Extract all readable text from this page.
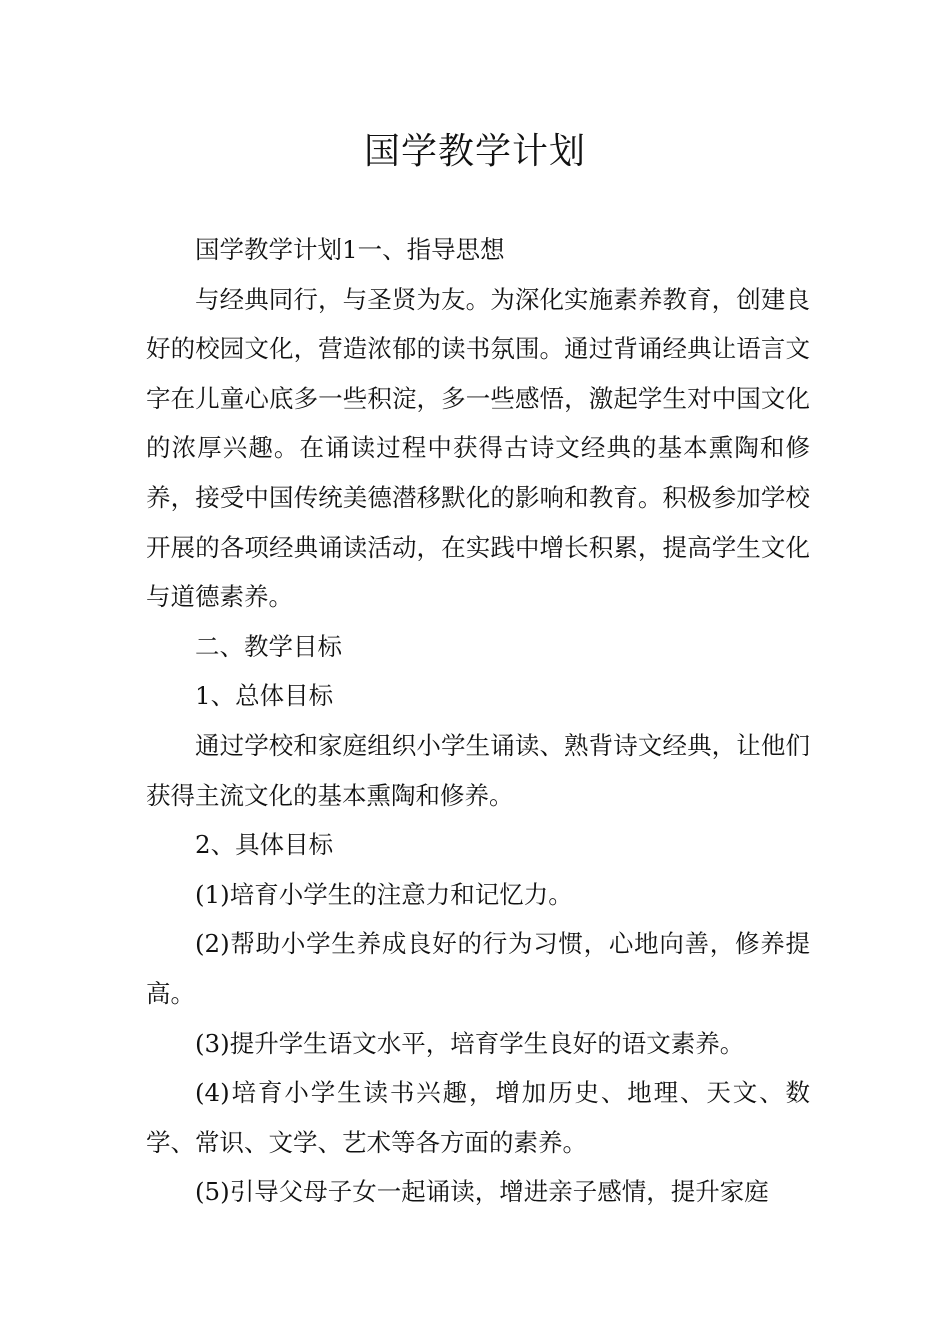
国学教学计划

国学教学计划1一、指导思想

与经典同行，与圣贤为友。为深化实施素养教育，创建良好的校园文化，营造浓郁的读书氛围。通过背诵经典让语言文字在儿童心底多一些积淀，多一些感悟，激起学生对中国文化的浓厚兴趣。在诵读过程中获得古诗文经典的基本熏陶和修养，接受中国传统美德潜移默化的影响和教育。积极参加学校开展的各项经典诵读活动，在实践中增长积累，提高学生文化与道德素养。

二、教学目标

1、总体目标

通过学校和家庭组织小学生诵读、熟背诗文经典，让他们获得主流文化的基本熏陶和修养。

2、具体目标

(1)培育小学生的注意力和记忆力。

(2)帮助小学生养成良好的行为习惯，心地向善，修养提高。

(3)提升学生语文水平，培育学生良好的语文素养。

(4)培育小学生读书兴趣，增加历史、地理、天文、数学、常识、文学、艺术等各方面的素养。

(5)引导父母子女一起诵读，增进亲子感情，提升家庭
